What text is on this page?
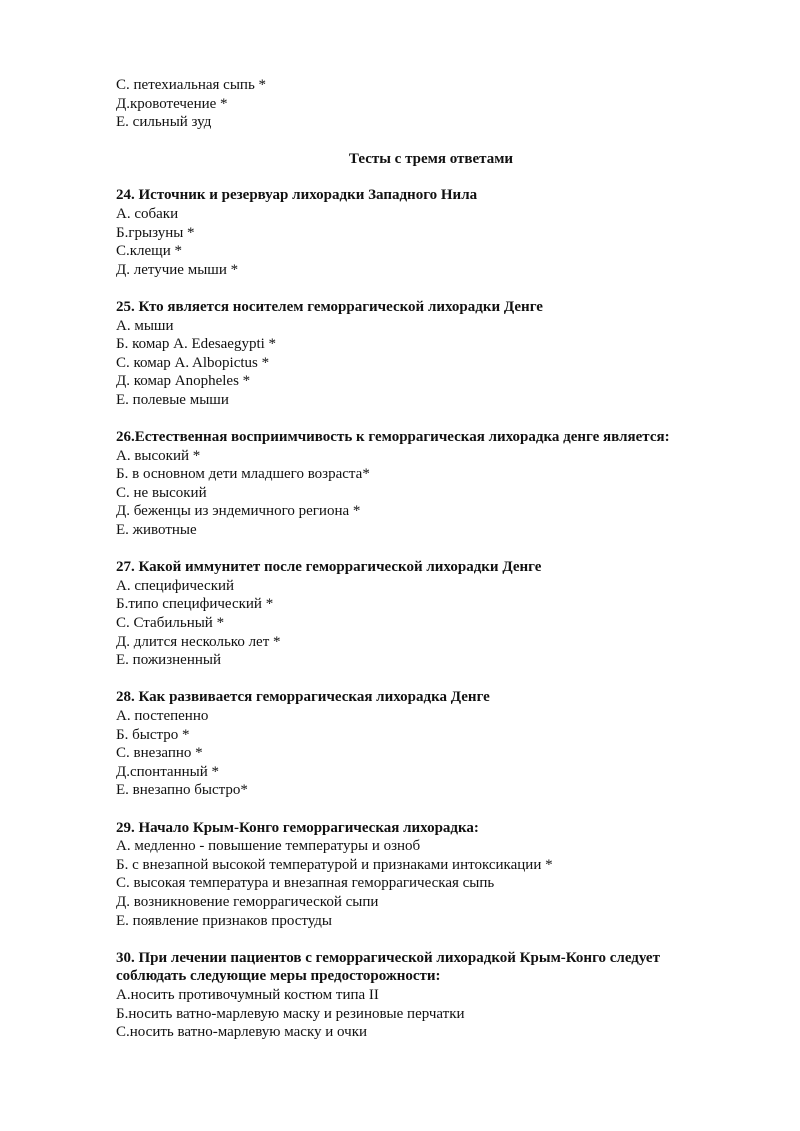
С. петехиальная сыпь *
Д.кровотечение *
Е. сильный зуд
Тесты с тремя ответами
24. Источник и резервуар лихорадки Западного Нила
А. собаки
Б.грызуны *
С.клещи *
Д. летучие мыши *
25. Кто является носителем геморрагической лихорадки Денге
А. мыши
Б. комар A. Edesaegypti *
С. комар A. Albopictus *
Д. комар Anopheles *
Е. полевые мыши
26.Естественная восприимчивость к геморрагическая лихорадка денге является:
А. высокий *
Б. в основном дети младшего возраста*
С. не высокий
Д. беженцы из эндемичного региона *
Е. животные
27. Какой иммунитет после геморрагической лихорадки Денге
А. специфический
Б.типо специфический *
С. Стабильный *
Д. длится несколько лет *
Е. пожизненный
28. Как развивается геморрагическая лихорадка Денге
А. постепенно
Б. быстро *
С. внезапно *
Д.спонтанный *
Е. внезапно быстро*
29. Начало Крым-Конго геморрагическая лихорадка:
А. медленно - повышение температуры и озноб
Б. с внезапной высокой температурой и признаками интоксикации *
С. высокая температура и внезапная геморрагическая сыпь
Д. возникновение геморрагической сыпи
Е. появление признаков простуды
30. При лечении пациентов с геморрагической лихорадкой Крым-Конго следует
соблюдать следующие меры предосторожности:
А.носить противочумный костюм типа II
Б.носить ватно-марлевую маску и резиновые перчатки
С.носить ватно-марлевую маску и очки
